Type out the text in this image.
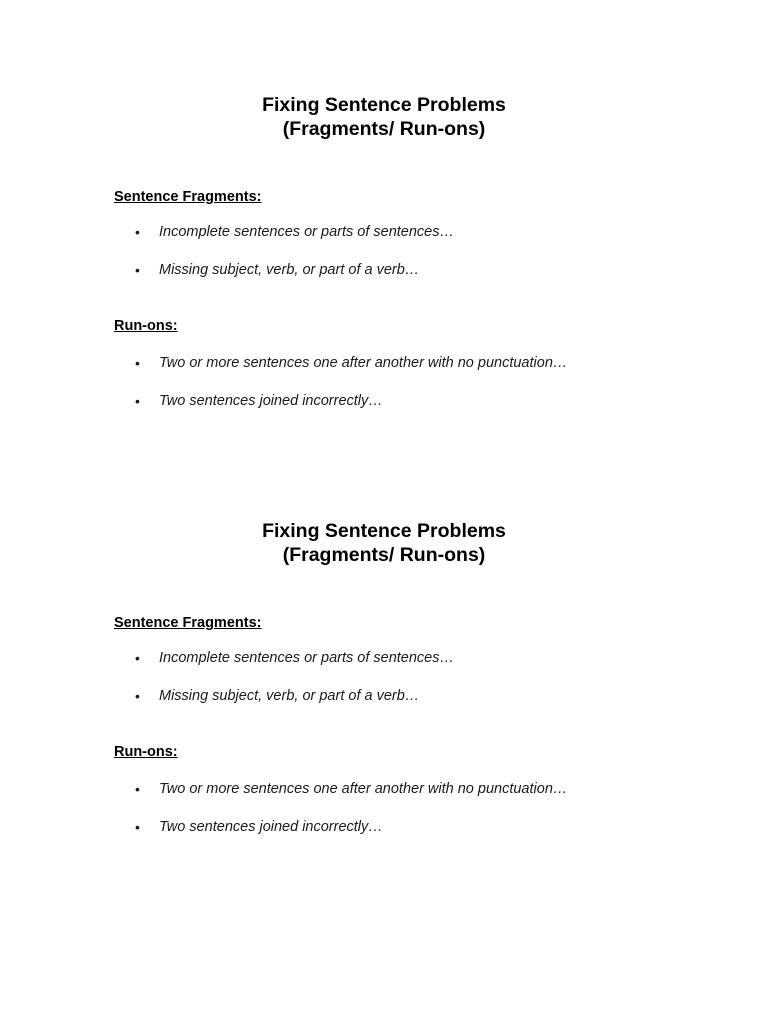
Fixing Sentence Problems
(Fragments/ Run-ons)
Sentence Fragments:
• Incomplete sentences or parts of sentences…
• Missing subject, verb, or part of a verb…
Run-ons:
• Two or more sentences one after another with no punctuation…
• Two sentences joined incorrectly…
Fixing Sentence Problems
(Fragments/ Run-ons)
Sentence Fragments:
• Incomplete sentences or parts of sentences…
• Missing subject, verb, or part of a verb…
Run-ons:
• Two or more sentences one after another with no punctuation…
• Two sentences joined incorrectly…
